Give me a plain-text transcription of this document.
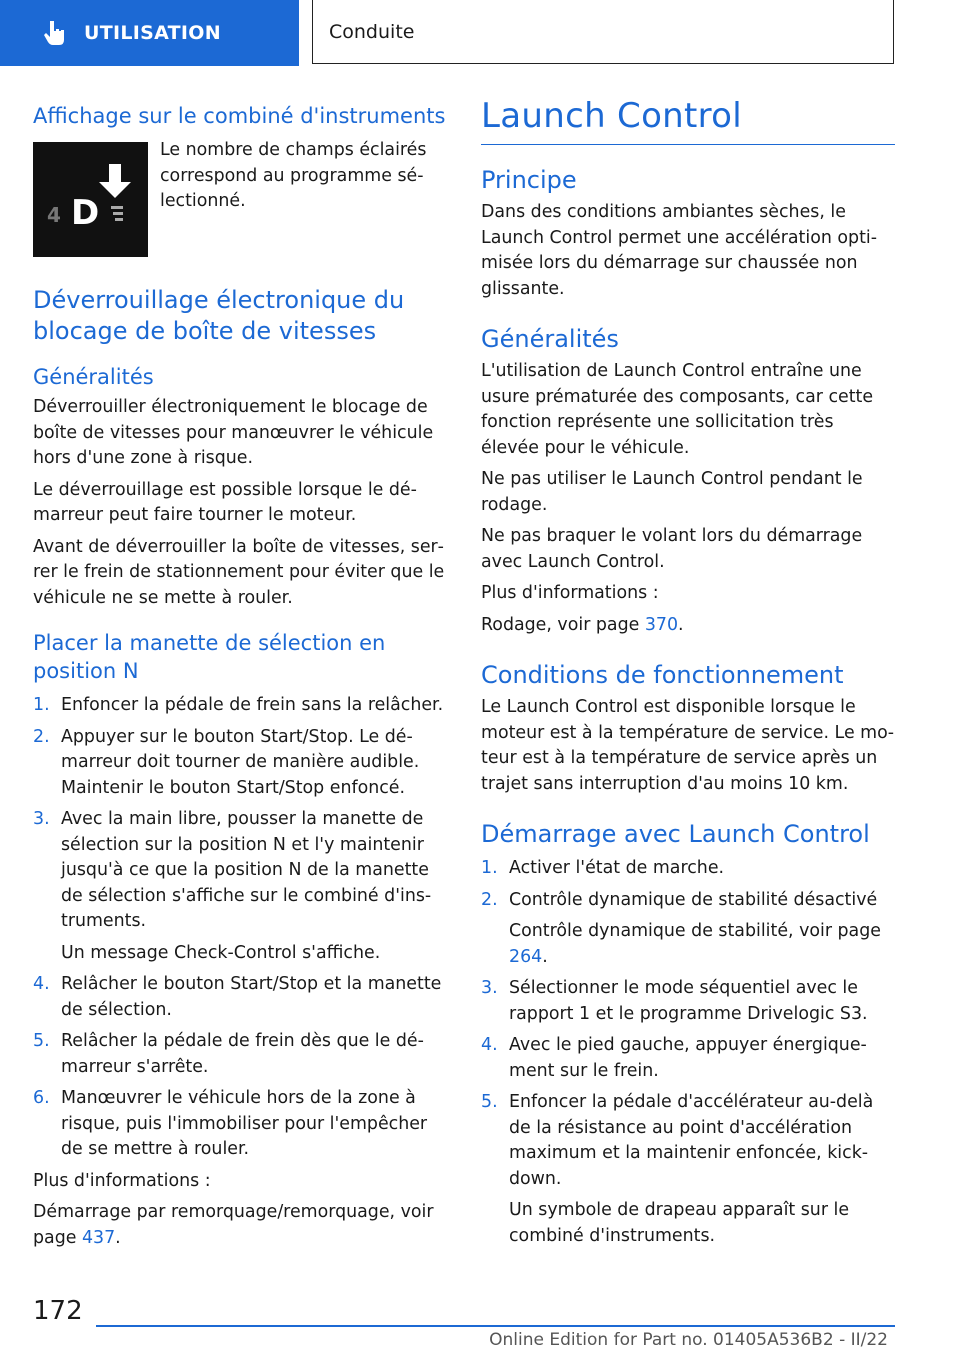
UTILISATION	Conduite
Affichage sur le combiné d'instruments
4 D

Le nombre de champs éclairés correspond au programme sélectionné.

Déverrouillage électronique du blocage de boîte de vitesses
Généralités

Déverrouiller électroniquement le blocage de boîte de vitesses pour manœuvrer le véhicule hors d'une zone à risque.

Le déverrouillage est possible lorsque le démarreur peut faire tourner le moteur.

Avant de déverrouiller la boîte de vitesses, serrer le frein de stationnement pour éviter que le véhicule ne se mette à rouler.

Placer la manette de sélection en position N
1. Enfoncer la pédale de frein sans la relâcher.

2. Appuyer sur le bouton Start/Stop. Le démarreur doit tourner de manière audible. Maintenir le bouton Start/Stop enfoncé.

3. Avec la main libre, pousser la manette de sélection sur la position N et l'y maintenir jusqu'à ce que la position N de la manette de sélection s'affiche sur le combiné d'instruments.

Un message Check-Control s'affiche.

4. Relâcher le bouton Start/Stop et la manette de sélection.

5. Relâcher la pédale de frein dès que le démarreur s'arrête.

6. Manœuvrer le véhicule hors de la zone à risque, puis l'immobiliser pour l'empêcher de se mettre à rouler.

Plus d'informations :

Démarrage par remorquage/remorquage, voir page 437.

Launch Control
Principe

Dans des conditions ambiantes sèches, le Launch Control permet une accélération optimisée lors du démarrage sur chaussée non glissante.

Généralités

L'utilisation de Launch Control entraîne une usure prématurée des composants, car cette fonction représente une sollicitation très élevée pour le véhicule.

Ne pas utiliser le Launch Control pendant le rodage.

Ne pas braquer le volant lors du démarrage avec Launch Control.

Plus d'informations :

Rodage, voir page 370.

Conditions de fonctionnement

Le Launch Control est disponible lorsque le moteur est à la température de service. Le moteur est à la température de service après un trajet sans interruption d'au moins 10 km.

Démarrage avec Launch Control
1. Activer l'état de marche.

2. Contrôle dynamique de stabilité désactivé

Contrôle dynamique de stabilité, voir page 264.

3. Sélectionner le mode séquentiel avec le rapport 1 et le programme Drivelogic S3.

4. Avec le pied gauche, appuyer énergiquement sur le frein.

5. Enfoncer la pédale d'accélérateur au-delà de la résistance au point d'accélération maximum et la maintenir enfoncée, kickdown.

Un symbole de drapeau apparaît sur le combiné d'instruments.

172
Online Edition for Part no. 01405A536B2 - II/22
